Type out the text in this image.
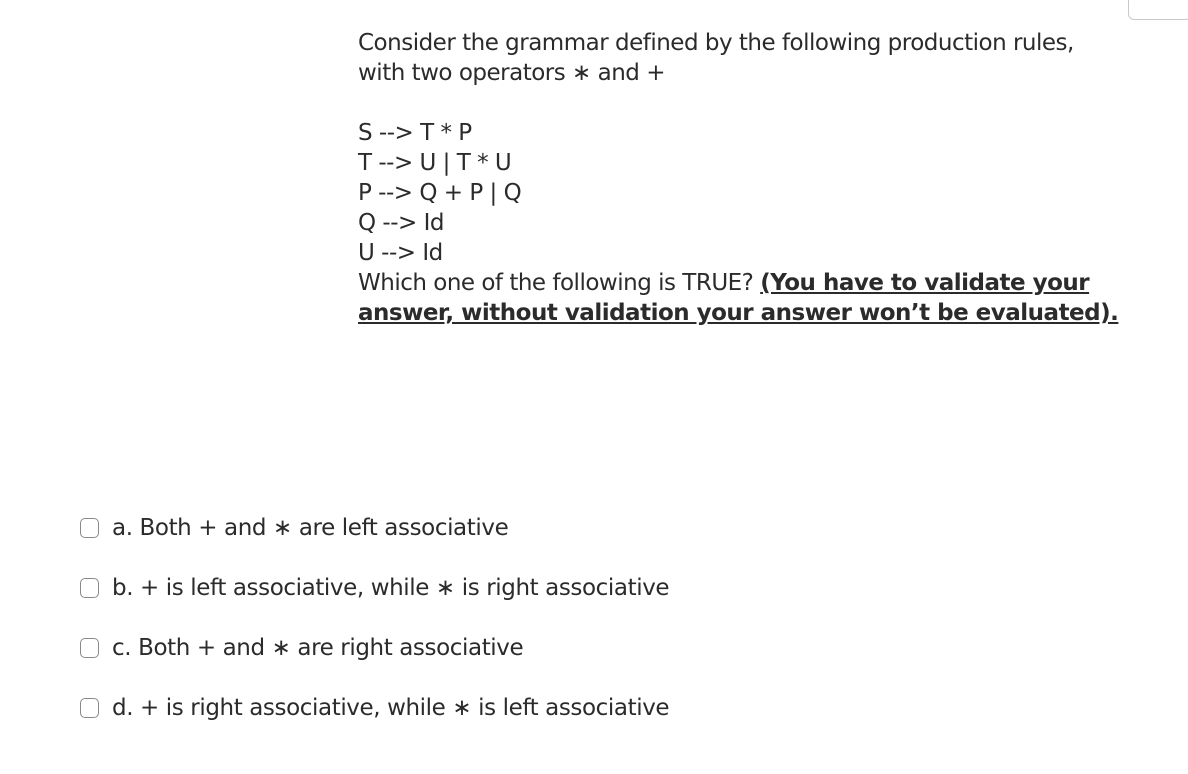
Consider the grammar defined by the following production rules,
with two operators ∗ and +

S --> T * P
T --> U | T * U
P --> Q + P | Q
Q --> Id
U --> Id

Which one of the following is TRUE? (You have to validate your answer, without validation your answer won’t be evaluated).

a. Both + and ∗ are left associative
b. + is left associative, while ∗ is right associative
c. Both + and ∗ are right associative
d. + is right associative, while ∗ is left associative
